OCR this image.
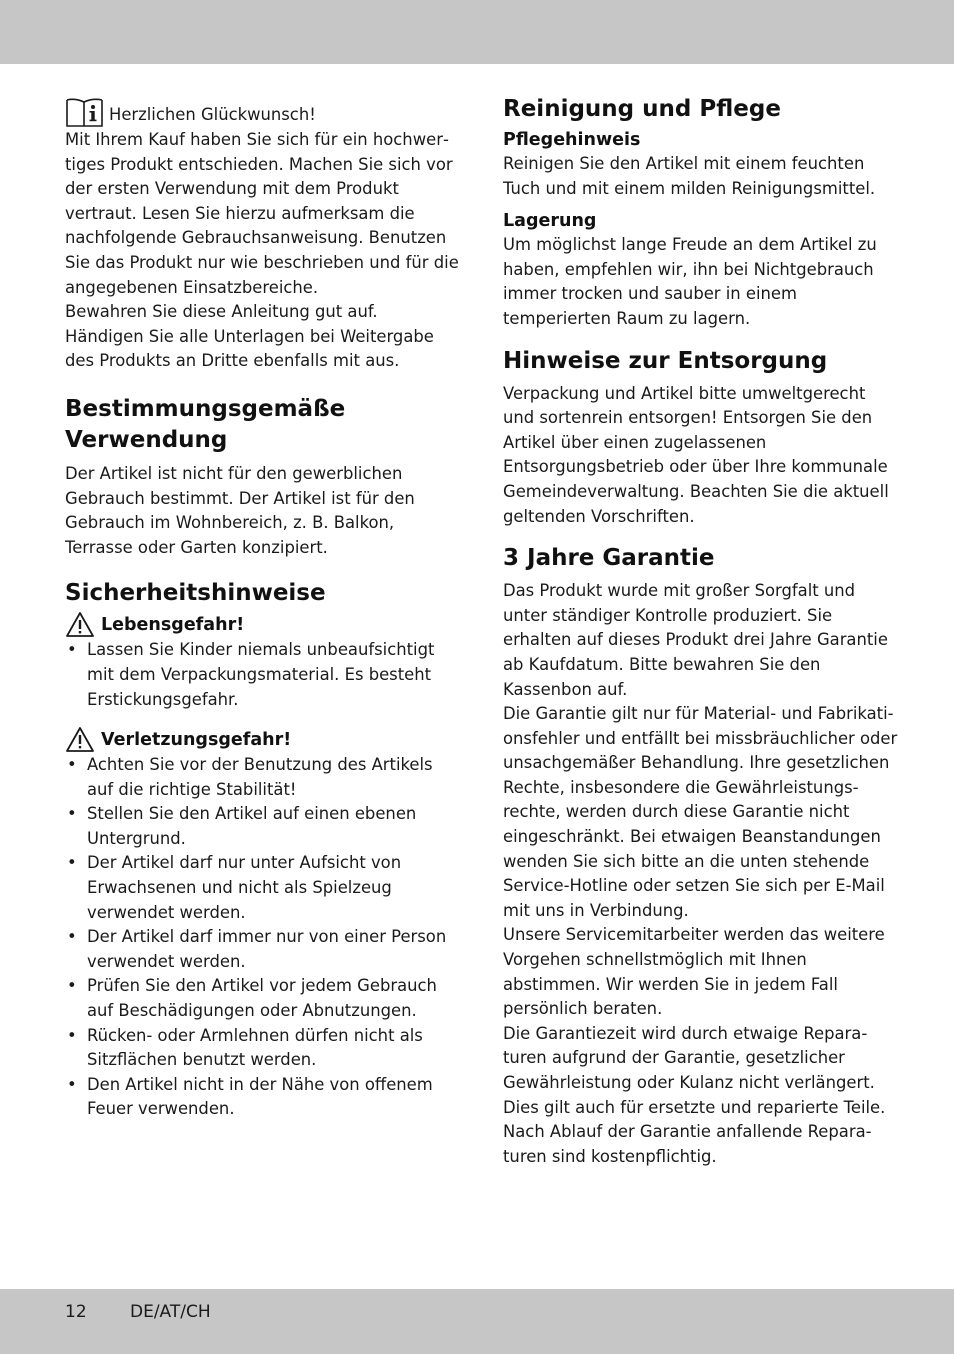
Herzlichen Glückwunsch!

Mit Ihrem Kauf haben Sie sich für ein hochwertiges Produkt entschieden. Machen Sie sich vor der ersten Verwendung mit dem Produkt vertraut. Lesen Sie hierzu aufmerksam die nachfolgende Gebrauchsanweisung. Benutzen Sie das Produkt nur wie beschrieben und für die angegebenen Einsatzbereiche.

Bewahren Sie diese Anleitung gut auf. Händigen Sie alle Unterlagen bei Weitergabe des Produkts an Dritte ebenfalls mit aus.

Bestimmungsgemäße Verwendung

Der Artikel ist nicht für den gewerblichen Gebrauch bestimmt. Der Artikel ist für den Gebrauch im Wohnbereich, z. B. Balkon, Terrasse oder Garten konzipiert.

Sicherheitshinweise
Lebensgefahr!
• Lassen Sie Kinder niemals unbeaufsichtigt mit dem Verpackungsmaterial. Es besteht Erstickungsgefahr.
Verletzungsgefahr!
• Achten Sie vor der Benutzung des Artikels auf die richtige Stabilität!
• Stellen Sie den Artikel auf einen ebenen Untergrund.
• Der Artikel darf nur unter Aufsicht von Erwachsenen und nicht als Spielzeug verwendet werden.
• Der Artikel darf immer nur von einer Person verwendet werden.
• Prüfen Sie den Artikel vor jedem Gebrauch auf Beschädigungen oder Abnutzungen.
• Rücken- oder Armlehnen dürfen nicht als Sitzflächen benutzt werden.
• Den Artikel nicht in der Nähe von offenem Feuer verwenden.
Reinigung und Pflege
Pflegehinweis

Reinigen Sie den Artikel mit einem feuchten Tuch und mit einem milden Reinigungsmittel.

Lagerung

Um möglichst lange Freude an dem Artikel zu haben, empfehlen wir, ihn bei Nichtgebrauch immer trocken und sauber in einem temperierten Raum zu lagern.

Hinweise zur Entsorgung

Verpackung und Artikel bitte umweltgerecht und sortenrein entsorgen! Entsorgen Sie den Artikel über einen zugelassenen Entsorgungsbetrieb oder über Ihre kommunale Gemeindeverwaltung. Beachten Sie die aktuell geltenden Vorschriften.

3 Jahre Garantie

Das Produkt wurde mit großer Sorgfalt und unter ständiger Kontrolle produziert. Sie erhalten auf dieses Produkt drei Jahre Garantie ab Kaufdatum. Bitte bewahren Sie den Kassenbon auf.

Die Garantie gilt nur für Material- und Fabrikationsfehler und entfällt bei missbräuchlicher oder unsachgemäßer Behandlung. Ihre gesetzlichen Rechte, insbesondere die Gewährleistungsrechte, werden durch diese Garantie nicht eingeschränkt. Bei etwaigen Beanstandungen wenden Sie sich bitte an die unten stehende Service-Hotline oder setzen Sie sich per E-Mail mit uns in Verbindung.

Unsere Servicemitarbeiter werden das weitere Vorgehen schnellstmöglich mit Ihnen abstimmen. Wir werden Sie in jedem Fall persönlich beraten.

Die Garantiezeit wird durch etwaige Reparaturen aufgrund der Garantie, gesetzlicher Gewährleistung oder Kulanz nicht verlängert. Dies gilt auch für ersetzte und reparierte Teile. Nach Ablauf der Garantie anfallende Reparaturen sind kostenpflichtig.

12	DE/AT/CH
